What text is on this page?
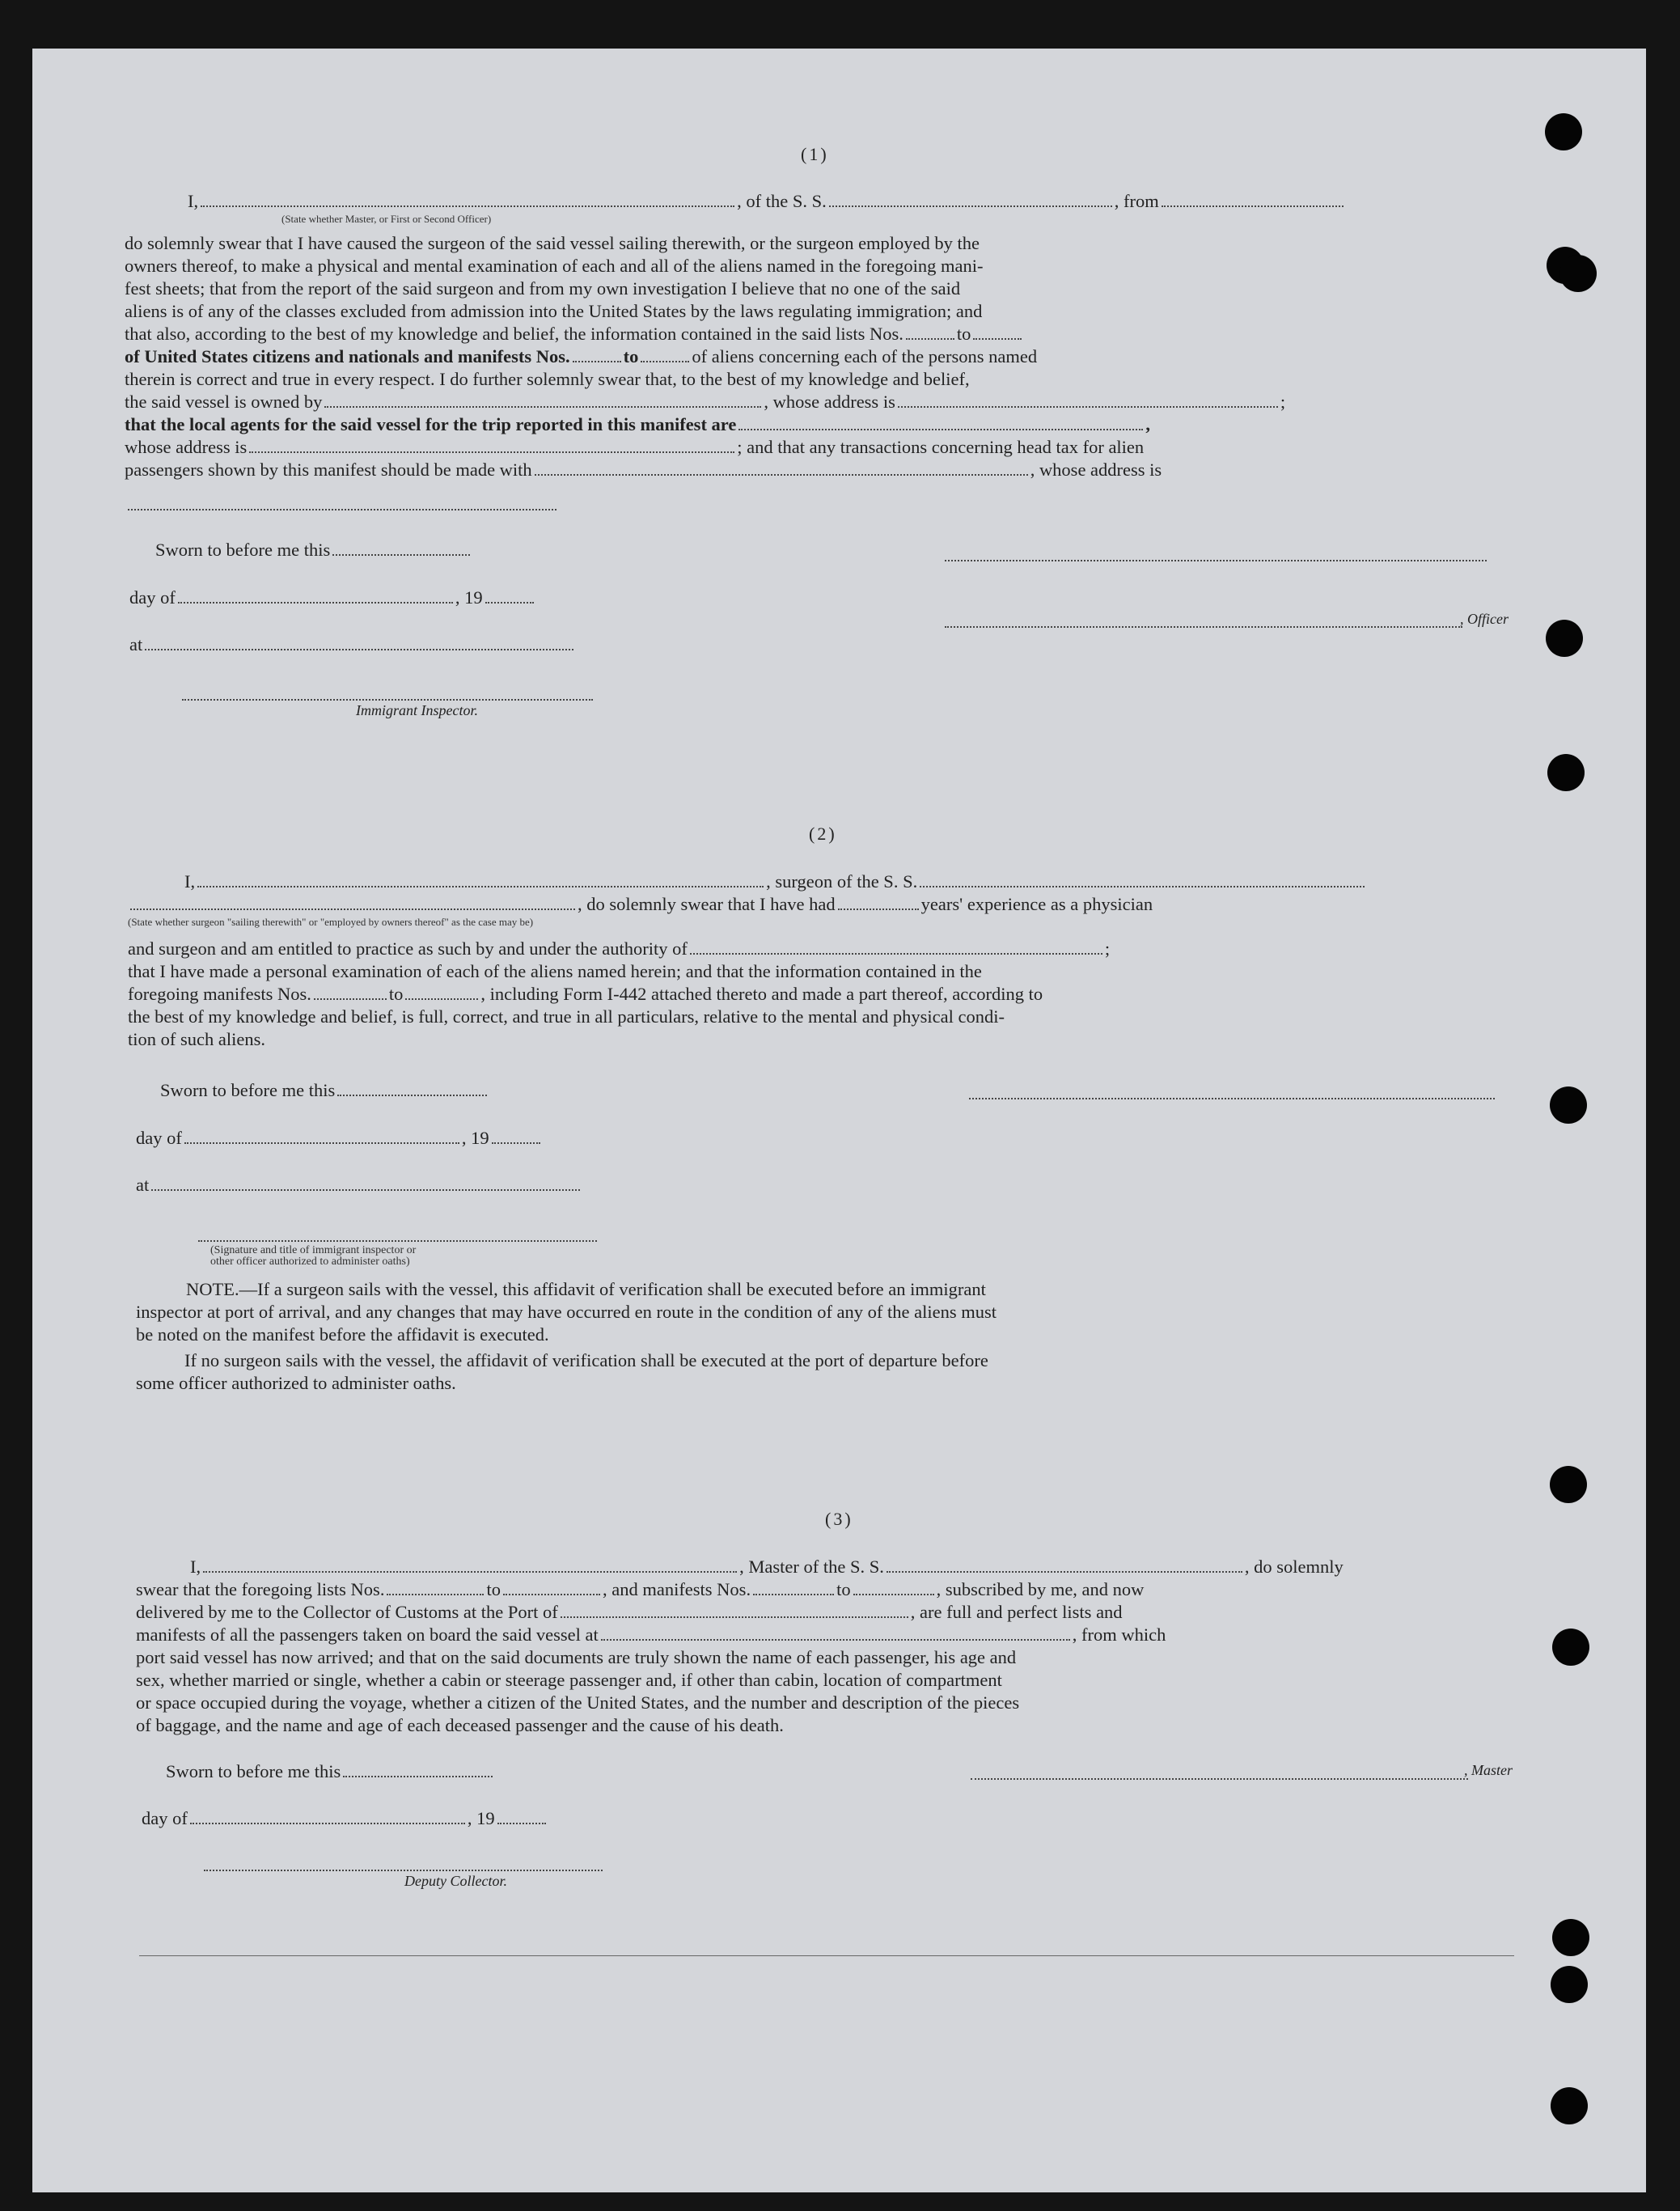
(1)
I,	, of the S. S.	, from
(State whether Master, or First or Second Officer)
do solemnly swear that I have caused the surgeon of the said vessel sailing therewith, or the surgeon employed by the
owners thereof, to make a physical and mental examination of each and all of the aliens named in the foregoing mani-
fest sheets; that from the report of the said surgeon and from my own investigation I believe that no one of the said
aliens is of any of the classes excluded from admission into the United States by the laws regulating immigration; and
that also, according to the best of my knowledge and belief, the information contained in the said lists Nos.	to
of United States citizens and nationals and manifests Nos.	to	of aliens concerning each of the persons named
therein is correct and true in every respect. I do further solemnly swear that, to the best of my knowledge and belief,
the said vessel is owned by	, whose address is	;
that the local agents for the said vessel for the trip reported in this manifest are	,
whose address is	; and that any transactions concerning head tax for alien
passengers shown by this manifest should be made with	, whose address is
Sworn to before me this
day of	, 19
at
Immigrant Inspector.
, Officer
(2)
I,	, surgeon of the S. S.
, do solemnly swear that I have had	years' experience as a physician
(State whether surgeon "sailing therewith" or "employed by owners thereof" as the case may be)
and surgeon and am entitled to practice as such by and under the authority of	;
that I have made a personal examination of each of the aliens named herein; and that the information contained in the
foregoing manifests Nos.	to	, including Form I-442 attached thereto and made a part thereof, according to
the best of my knowledge and belief, is full, correct, and true in all particulars, relative to the mental and physical condi-
tion of such aliens.
Sworn to before me this
day of	, 19
at
(Signature and title of immigrant inspector or
other officer authorized to administer oaths)
NOTE.—If a surgeon sails with the vessel, this affidavit of verification shall be executed before an immigrant
inspector at port of arrival, and any changes that may have occurred en route in the condition of any of the aliens must
be noted on the manifest before the affidavit is executed.
If no surgeon sails with the vessel, the affidavit of verification shall be executed at the port of departure before
some officer authorized to administer oaths.
(3)
I,	, Master of the S. S.	, do solemnly
swear that the foregoing lists Nos.	to	, and manifests Nos.	to	, subscribed by me, and now
delivered by me to the Collector of Customs at the Port of	, are full and perfect lists and
manifests of all the passengers taken on board the said vessel at	, from which
port said vessel has now arrived; and that on the said documents are truly shown the name of each passenger, his age and
sex, whether married or single, whether a cabin or steerage passenger and, if other than cabin, location of compartment
or space occupied during the voyage, whether a citizen of the United States, and the number and description of the pieces
of baggage, and the name and age of each deceased passenger and the cause of his death.
Sworn to before me this
day of	, 19
, Master
Deputy Collector.
